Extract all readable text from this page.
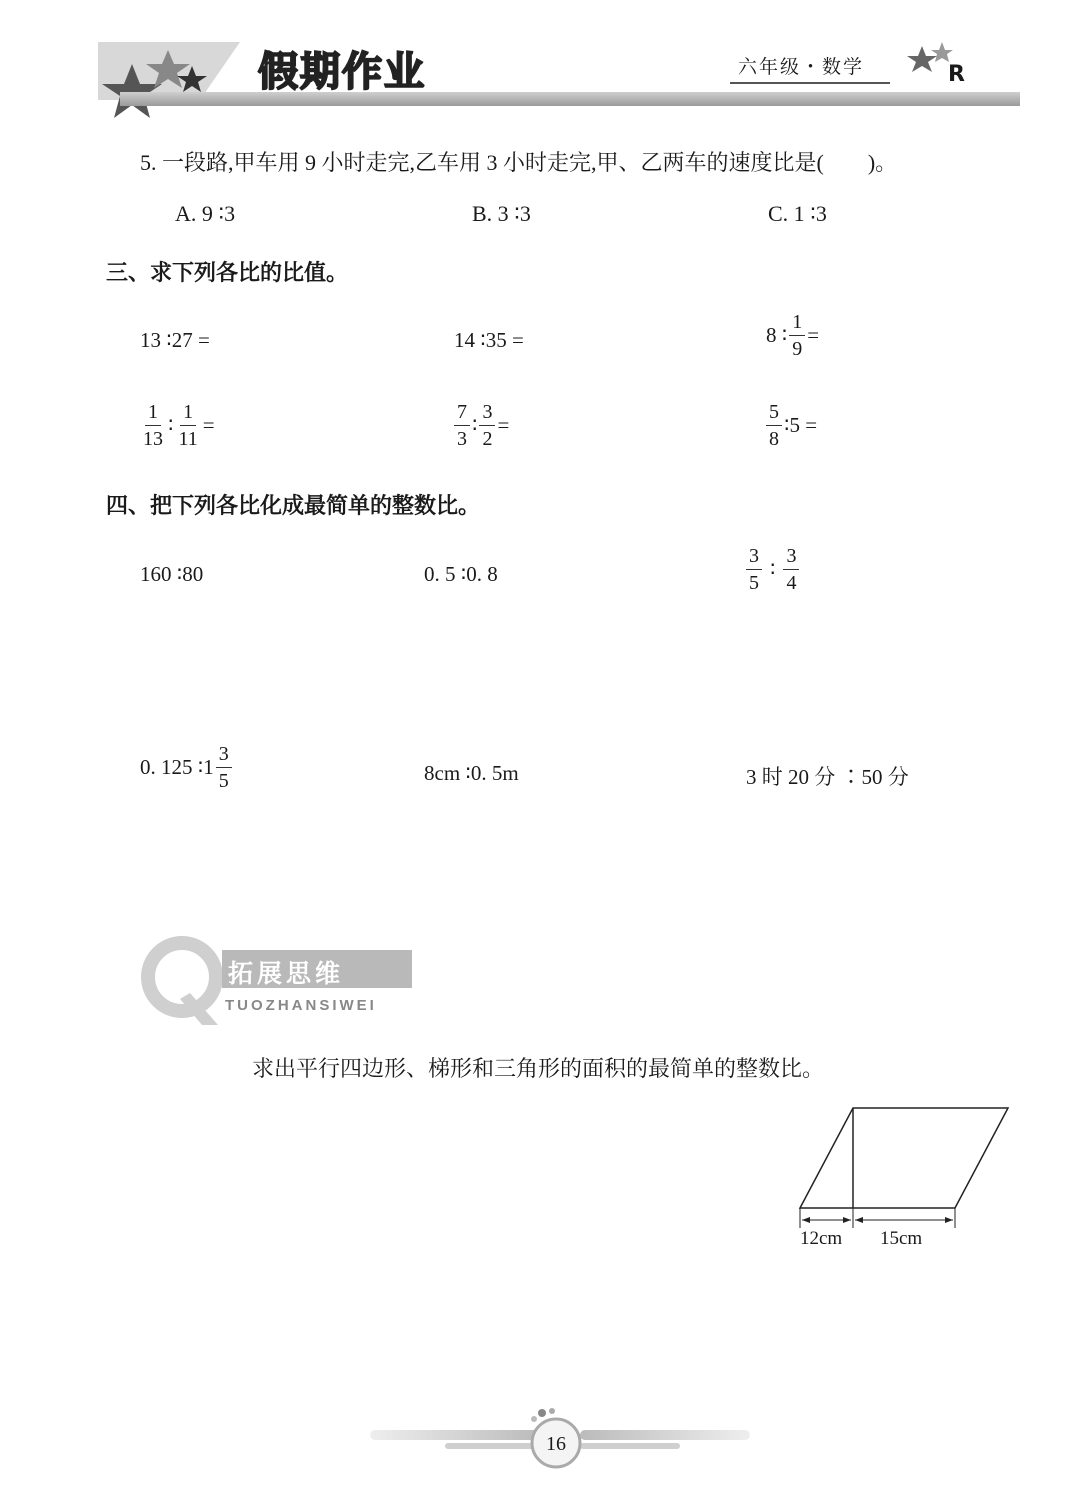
假期作业	六年级・数学	R
5. 一段路,甲车用 9 小时走完,乙车用 3 小时走完,甲、乙两车的速度比是(　　)。
A. 9 ∶3	B. 3 ∶3	C. 1 ∶3
三、求下列各比的比值。
13 ∶27 =	14 ∶35 =	8 ∶ $\frac{1}{9}$ =
$\frac{1}{13}$ ∶ $\frac{1}{11}$ =	$\frac{7}{3}$ ∶ $\frac{3}{2}$ =	$\frac{5}{8}$ ∶5 =
四、把下列各比化成最简单的整数比。
160 ∶80	0. 5 ∶0. 8	$\frac{3}{5}$ ∶ $\frac{3}{4}$
0. 125 ∶1 $\frac{3}{5}$	8cm ∶0. 5m	3 时 20 分 ∶50 分
拓展思维
TUOZHANSIWEI
求出平行四边形、梯形和三角形的面积的最简单的整数比。
12cm 15cm
16
